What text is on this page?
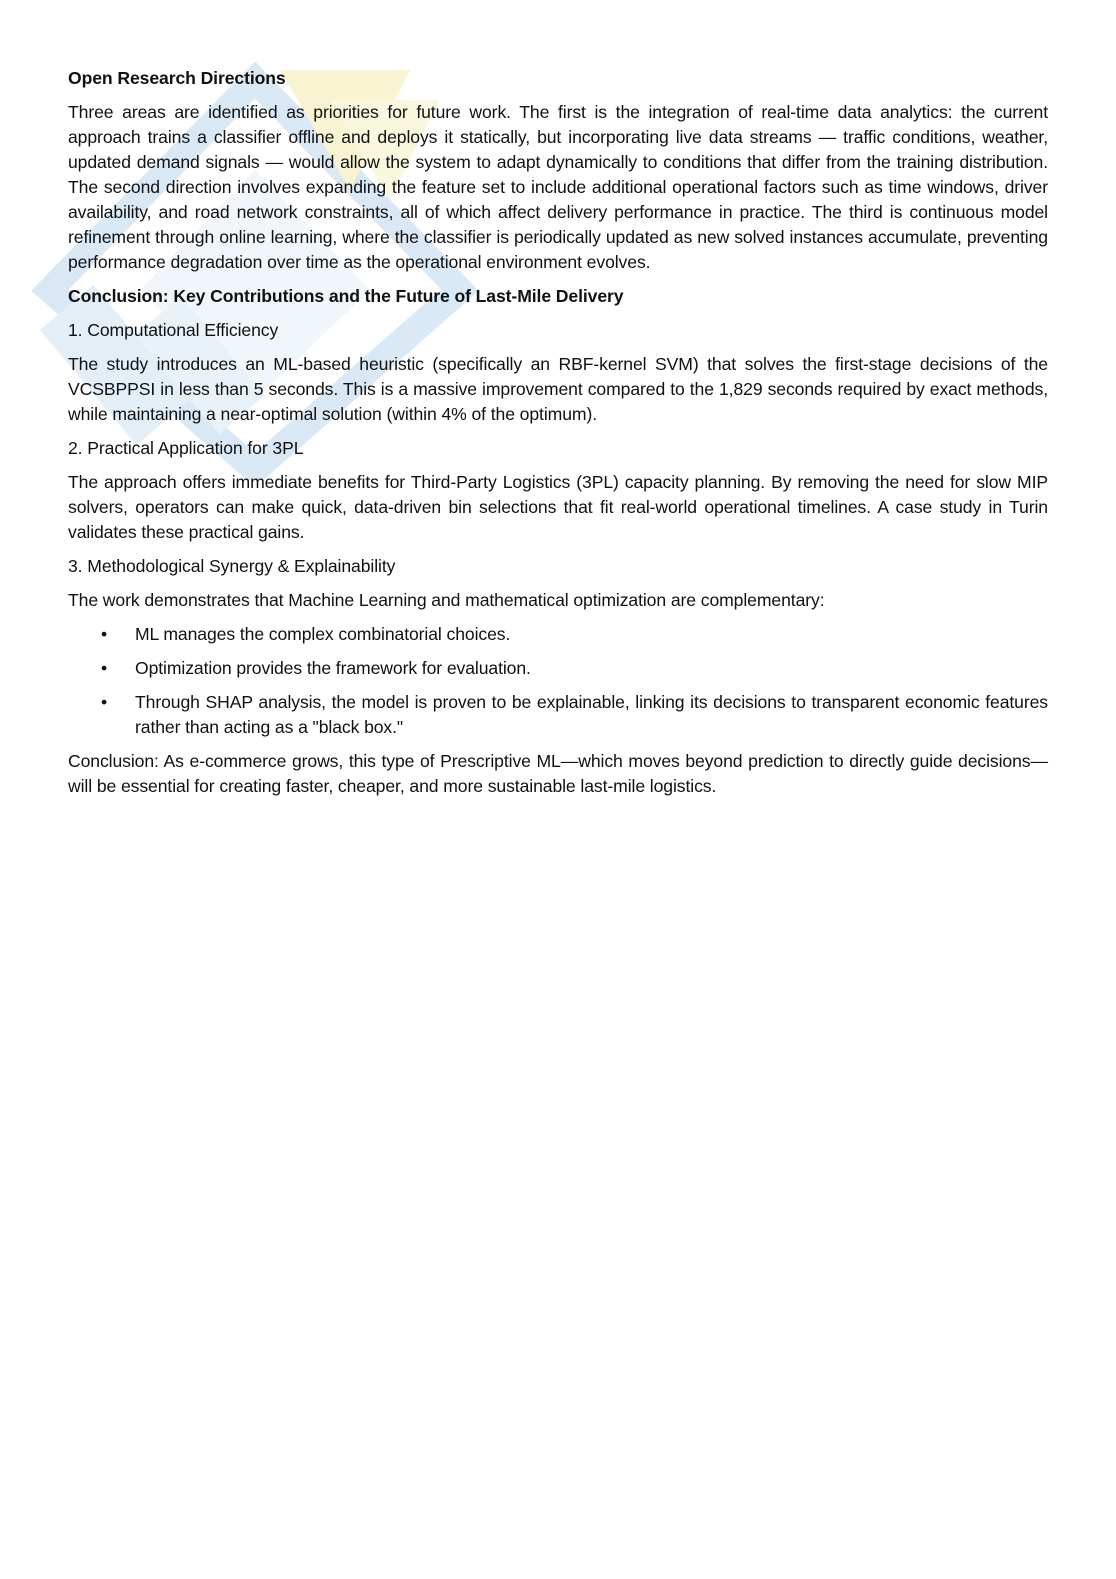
Open Research Directions

Three areas are identified as priorities for future work. The first is the integration of real-time data analytics: the current approach trains a classifier offline and deploys it statically, but incorporating live data streams — traffic conditions, weather, updated demand signals — would allow the system to adapt dynamically to conditions that differ from the training distribution. The second direction involves expanding the feature set to include additional operational factors such as time windows, driver availability, and road network constraints, all of which affect delivery performance in practice. The third is continuous model refinement through online learning, where the classifier is periodically updated as new solved instances accumulate, preventing performance degradation over time as the operational environment evolves.

Conclusion: Key Contributions and the Future of Last-Mile Delivery
1. Computational Efficiency

The study introduces an ML-based heuristic (specifically an RBF-kernel SVM) that solves the first-stage decisions of the VCSBPPSI in less than 5 seconds. This is a massive improvement compared to the 1,829 seconds required by exact methods, while maintaining a near-optimal solution (within 4% of the optimum).

2. Practical Application for 3PL

The approach offers immediate benefits for Third-Party Logistics (3PL) capacity planning. By removing the need for slow MIP solvers, operators can make quick, data-driven bin selections that fit real-world operational timelines. A case study in Turin validates these practical gains.

3. Methodological Synergy & Explainability

The work demonstrates that Machine Learning and mathematical optimization are complementary:

• ML manages the complex combinatorial choices.
• Optimization provides the framework for evaluation.
• Through SHAP analysis, the model is proven to be explainable, linking its decisions to transparent economic features rather than acting as a "black box."

Conclusion: As e-commerce grows, this type of Prescriptive ML—which moves beyond prediction to directly guide decisions—will be essential for creating faster, cheaper, and more sustainable last-mile logistics.
